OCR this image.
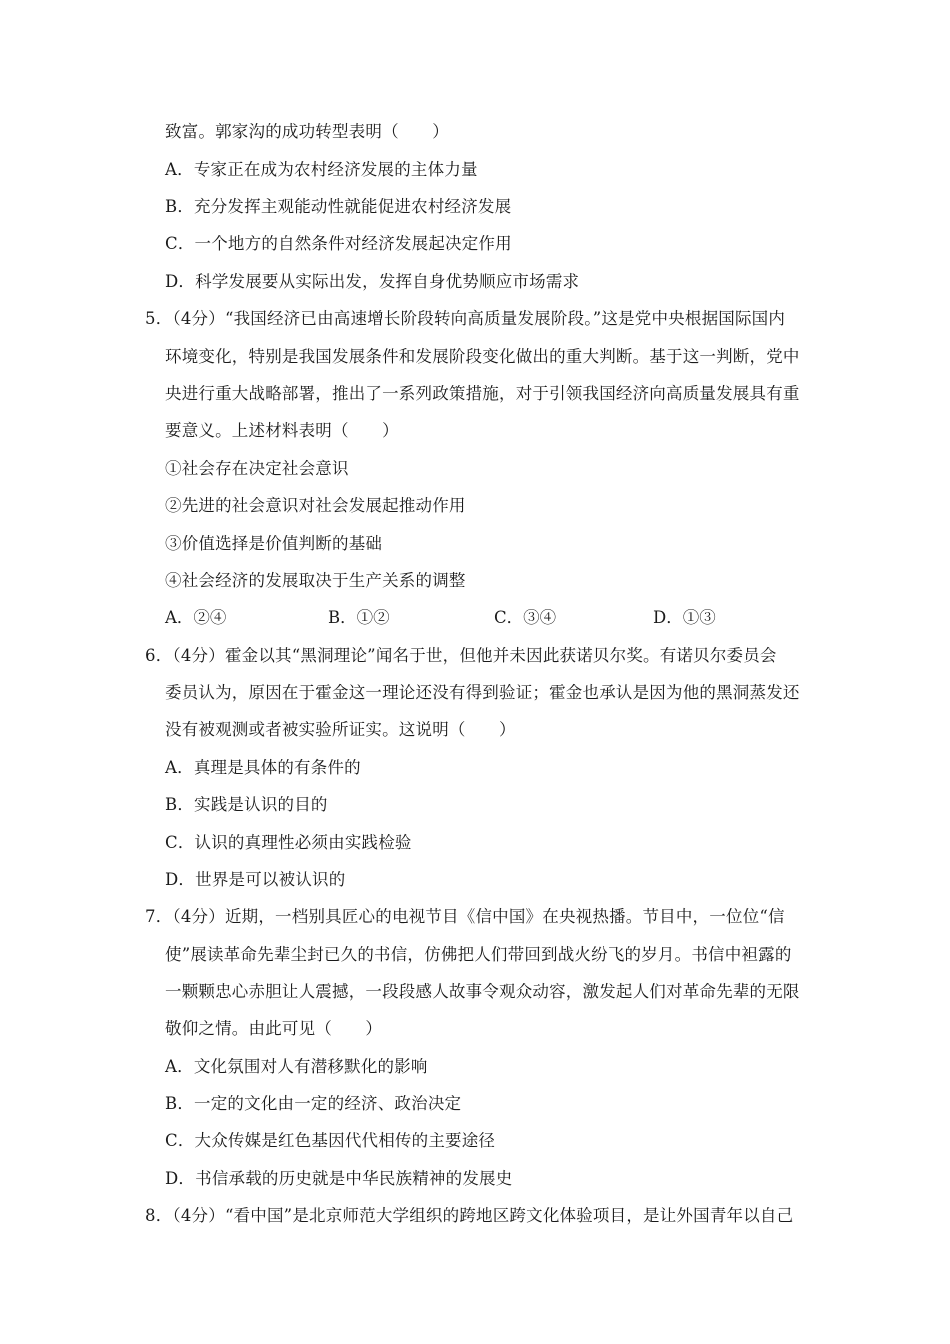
致富。郭家沟的成功转型表明（　　）
A．专家正在成为农村经济发展的主体力量
B．充分发挥主观能动性就能促进农村经济发展
C．一个地方的自然条件对经济发展起决定作用
D．科学发展要从实际出发，发挥自身优势顺应市场需求
5．（4分）“我国经济已由高速增长阶段转向高质量发展阶段。”这是党中央根据国际国内
环境变化，特别是我国发展条件和发展阶段变化做出的重大判断。基于这一判断，党中
央进行重大战略部署，推出了一系列政策措施，对于引领我国经济向高质量发展具有重
要意义。上述材料表明（　　）
①社会存在决定社会意识
②先进的社会意识对社会发展起推动作用
③价值选择是价值判断的基础
④社会经济的发展取决于生产关系的调整
A．②④	B．①②	C．③④	D．①③
6．（4分）霍金以其“黑洞理论”闻名于世，但他并未因此获诺贝尔奖。有诺贝尔委员会
委员认为，原因在于霍金这一理论还没有得到验证；霍金也承认是因为他的黑洞蒸发还
没有被观测或者被实验所证实。这说明（　　）
A．真理是具体的有条件的
B．实践是认识的目的
C．认识的真理性必须由实践检验
D．世界是可以被认识的
7．（4分）近期，一档别具匠心的电视节目《信中国》在央视热播。节目中，一位位“信
使”展读革命先辈尘封已久的书信，仿佛把人们带回到战火纷飞的岁月。书信中袒露的
一颗颗忠心赤胆让人震撼，一段段感人故事令观众动容，激发起人们对革命先辈的无限
敬仰之情。由此可见（　　）
A．文化氛围对人有潜移默化的影响
B．一定的文化由一定的经济、政治决定
C．大众传媒是红色基因代代相传的主要途径
D．书信承载的历史就是中华民族精神的发展史
8．（4分）“看中国”是北京师范大学组织的跨地区跨文化体验项目，是让外国青年以自己
